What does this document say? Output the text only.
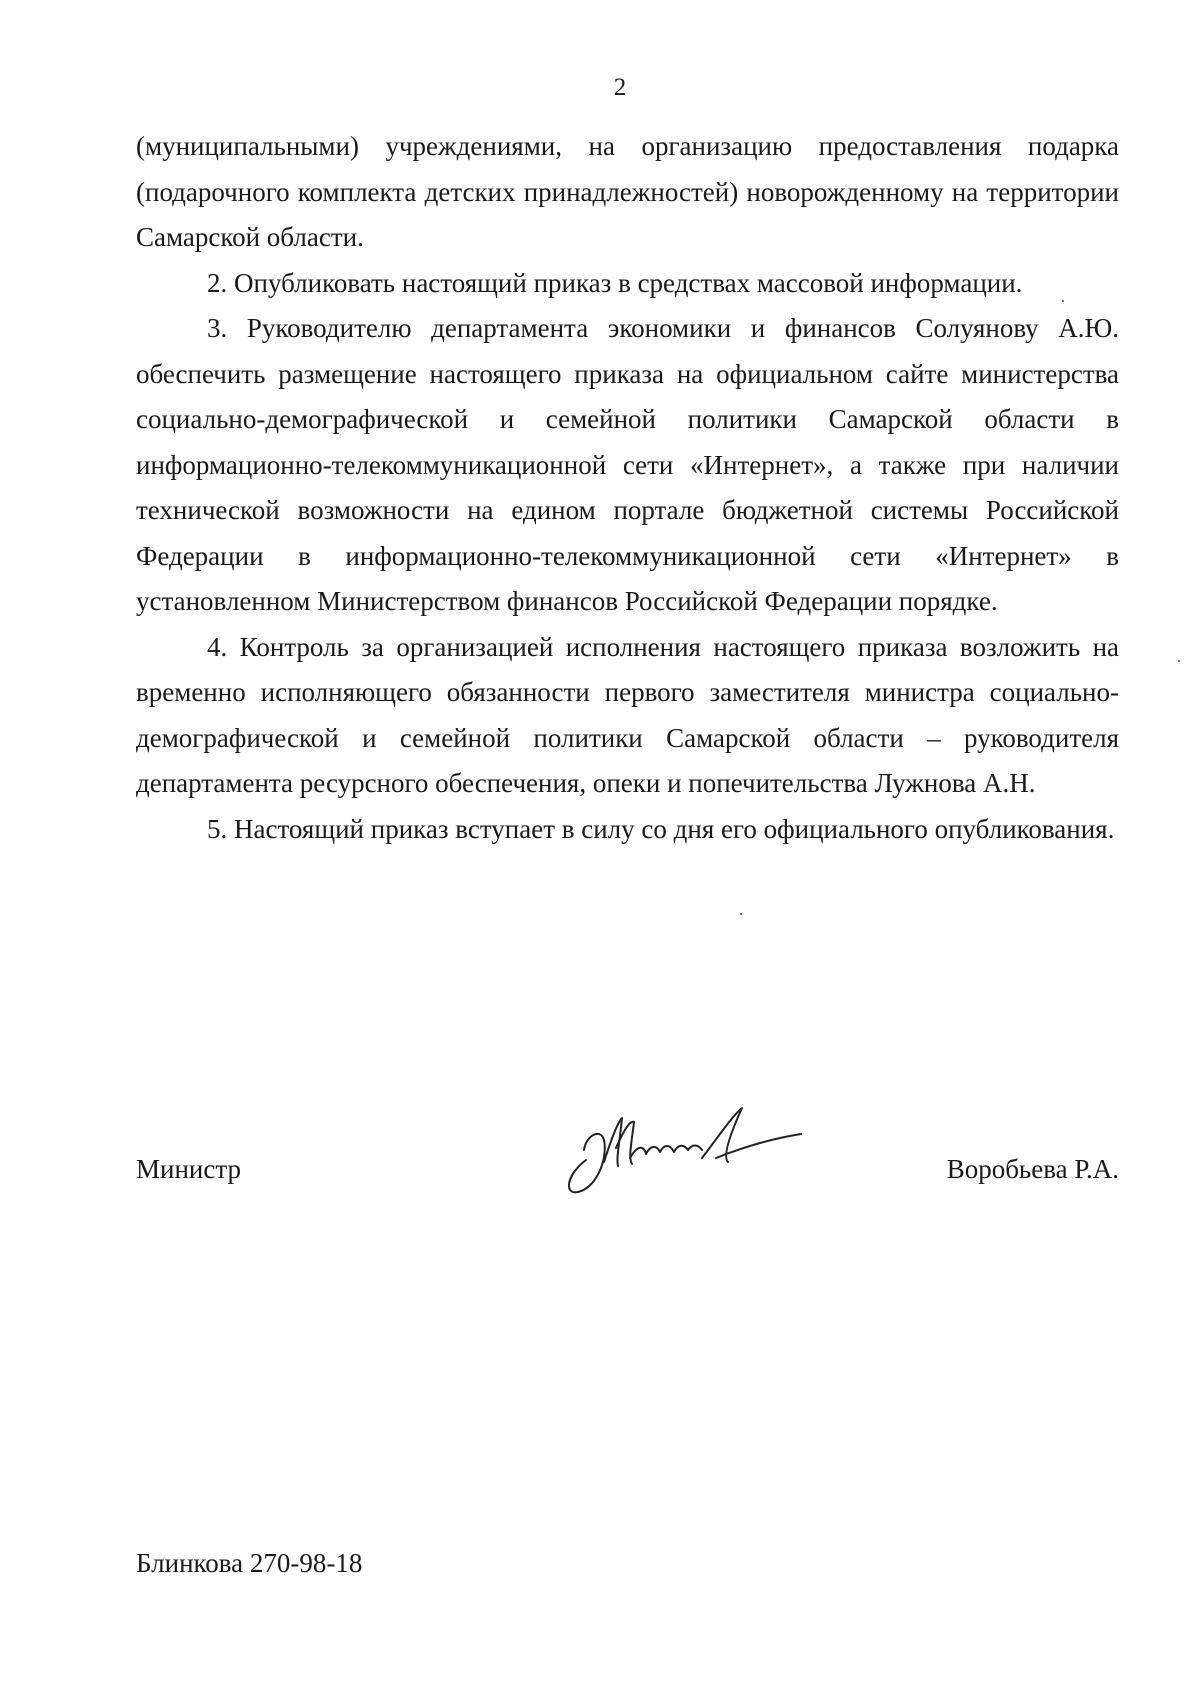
2

(муниципальными) учреждениями, на организацию предоставления подарка (подарочного комплекта детских принадлежностей) новорожденному на территории Самарской области.

2. Опубликовать настоящий приказ в средствах массовой информации.

3. Руководителю департамента экономики и финансов Солуянову А.Ю. обеспечить размещение настоящего приказа на официальном сайте министерства социально-демографической и семейной политики Самарской области в информационно-телекоммуникационной сети «Интернет», а также при наличии технической возможности на едином портале бюджетной системы Российской Федерации в информационно-телекоммуникационной сети «Интернет» в установленном Министерством финансов Российской Федерации порядке.

4. Контроль за организацией исполнения настоящего приказа возложить на временно исполняющего обязанности первого заместителя министра социально-демографической и семейной политики Самарской области – руководителя департамента ресурсного обеспечения, опеки и попечительства Лужнова А.Н.

5. Настоящий приказ вступает в силу со дня его официального опубликования.

Министр	Воробьева Р.А.
Блинкова 270-98-18
